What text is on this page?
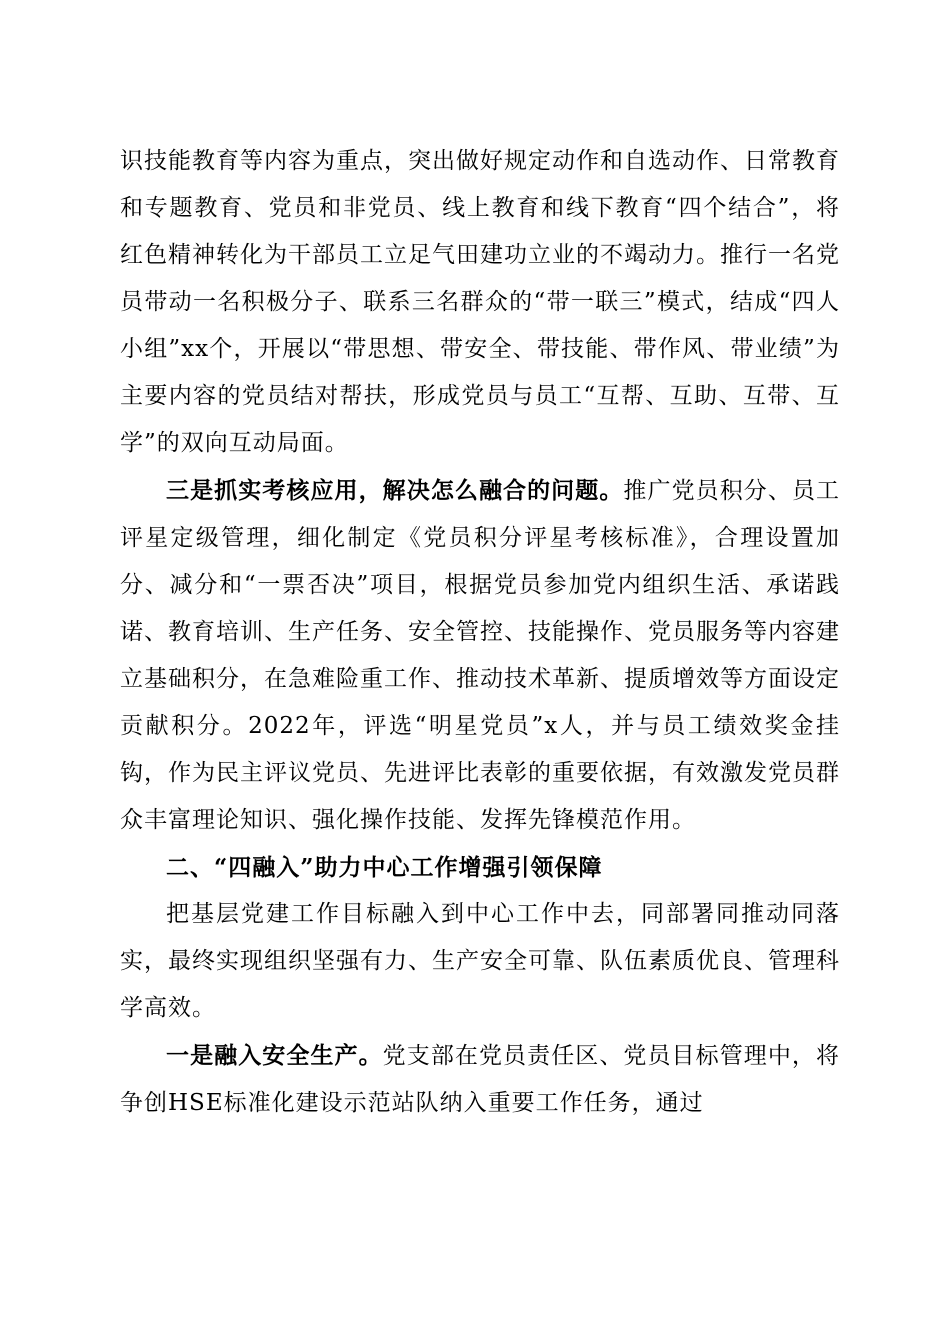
识技能教育等内容为重点，突出做好规定动作和自选动作、日常教育和专题教育、党员和非党员、线上教育和线下教育“四个结合”，将红色精神转化为干部员工立足气田建功立业的不竭动力。推行一名党员带动一名积极分子、联系三名群众的“带一联三”模式，结成“四人小组”xx个，开展以“带思想、带安全、带技能、带作风、带业绩”为主要内容的党员结对帮扶，形成党员与员工“互帮、互助、互带、互学”的双向互动局面。

三是抓实考核应用，解决怎么融合的问题。推广党员积分、员工评星定级管理，细化制定《党员积分评星考核标准》，合理设置加分、减分和“一票否决”项目，根据党员参加党内组织生活、承诺践诺、教育培训、生产任务、安全管控、技能操作、党员服务等内容建立基础积分，在急难险重工作、推动技术革新、提质增效等方面设定贡献积分。2022年，评选“明星党员”x人，并与员工绩效奖金挂钩，作为民主评议党员、先进评比表彰的重要依据，有效激发党员群众丰富理论知识、强化操作技能、发挥先锋模范作用。

二、“四融入”助力中心工作增强引领保障

把基层党建工作目标融入到中心工作中去，同部署同推动同落实，最终实现组织坚强有力、生产安全可靠、队伍素质优良、管理科学高效。

一是融入安全生产。党支部在党员责任区、党员目标管理中，将争创HSE标准化建设示范站队纳入重要工作任务，通过
